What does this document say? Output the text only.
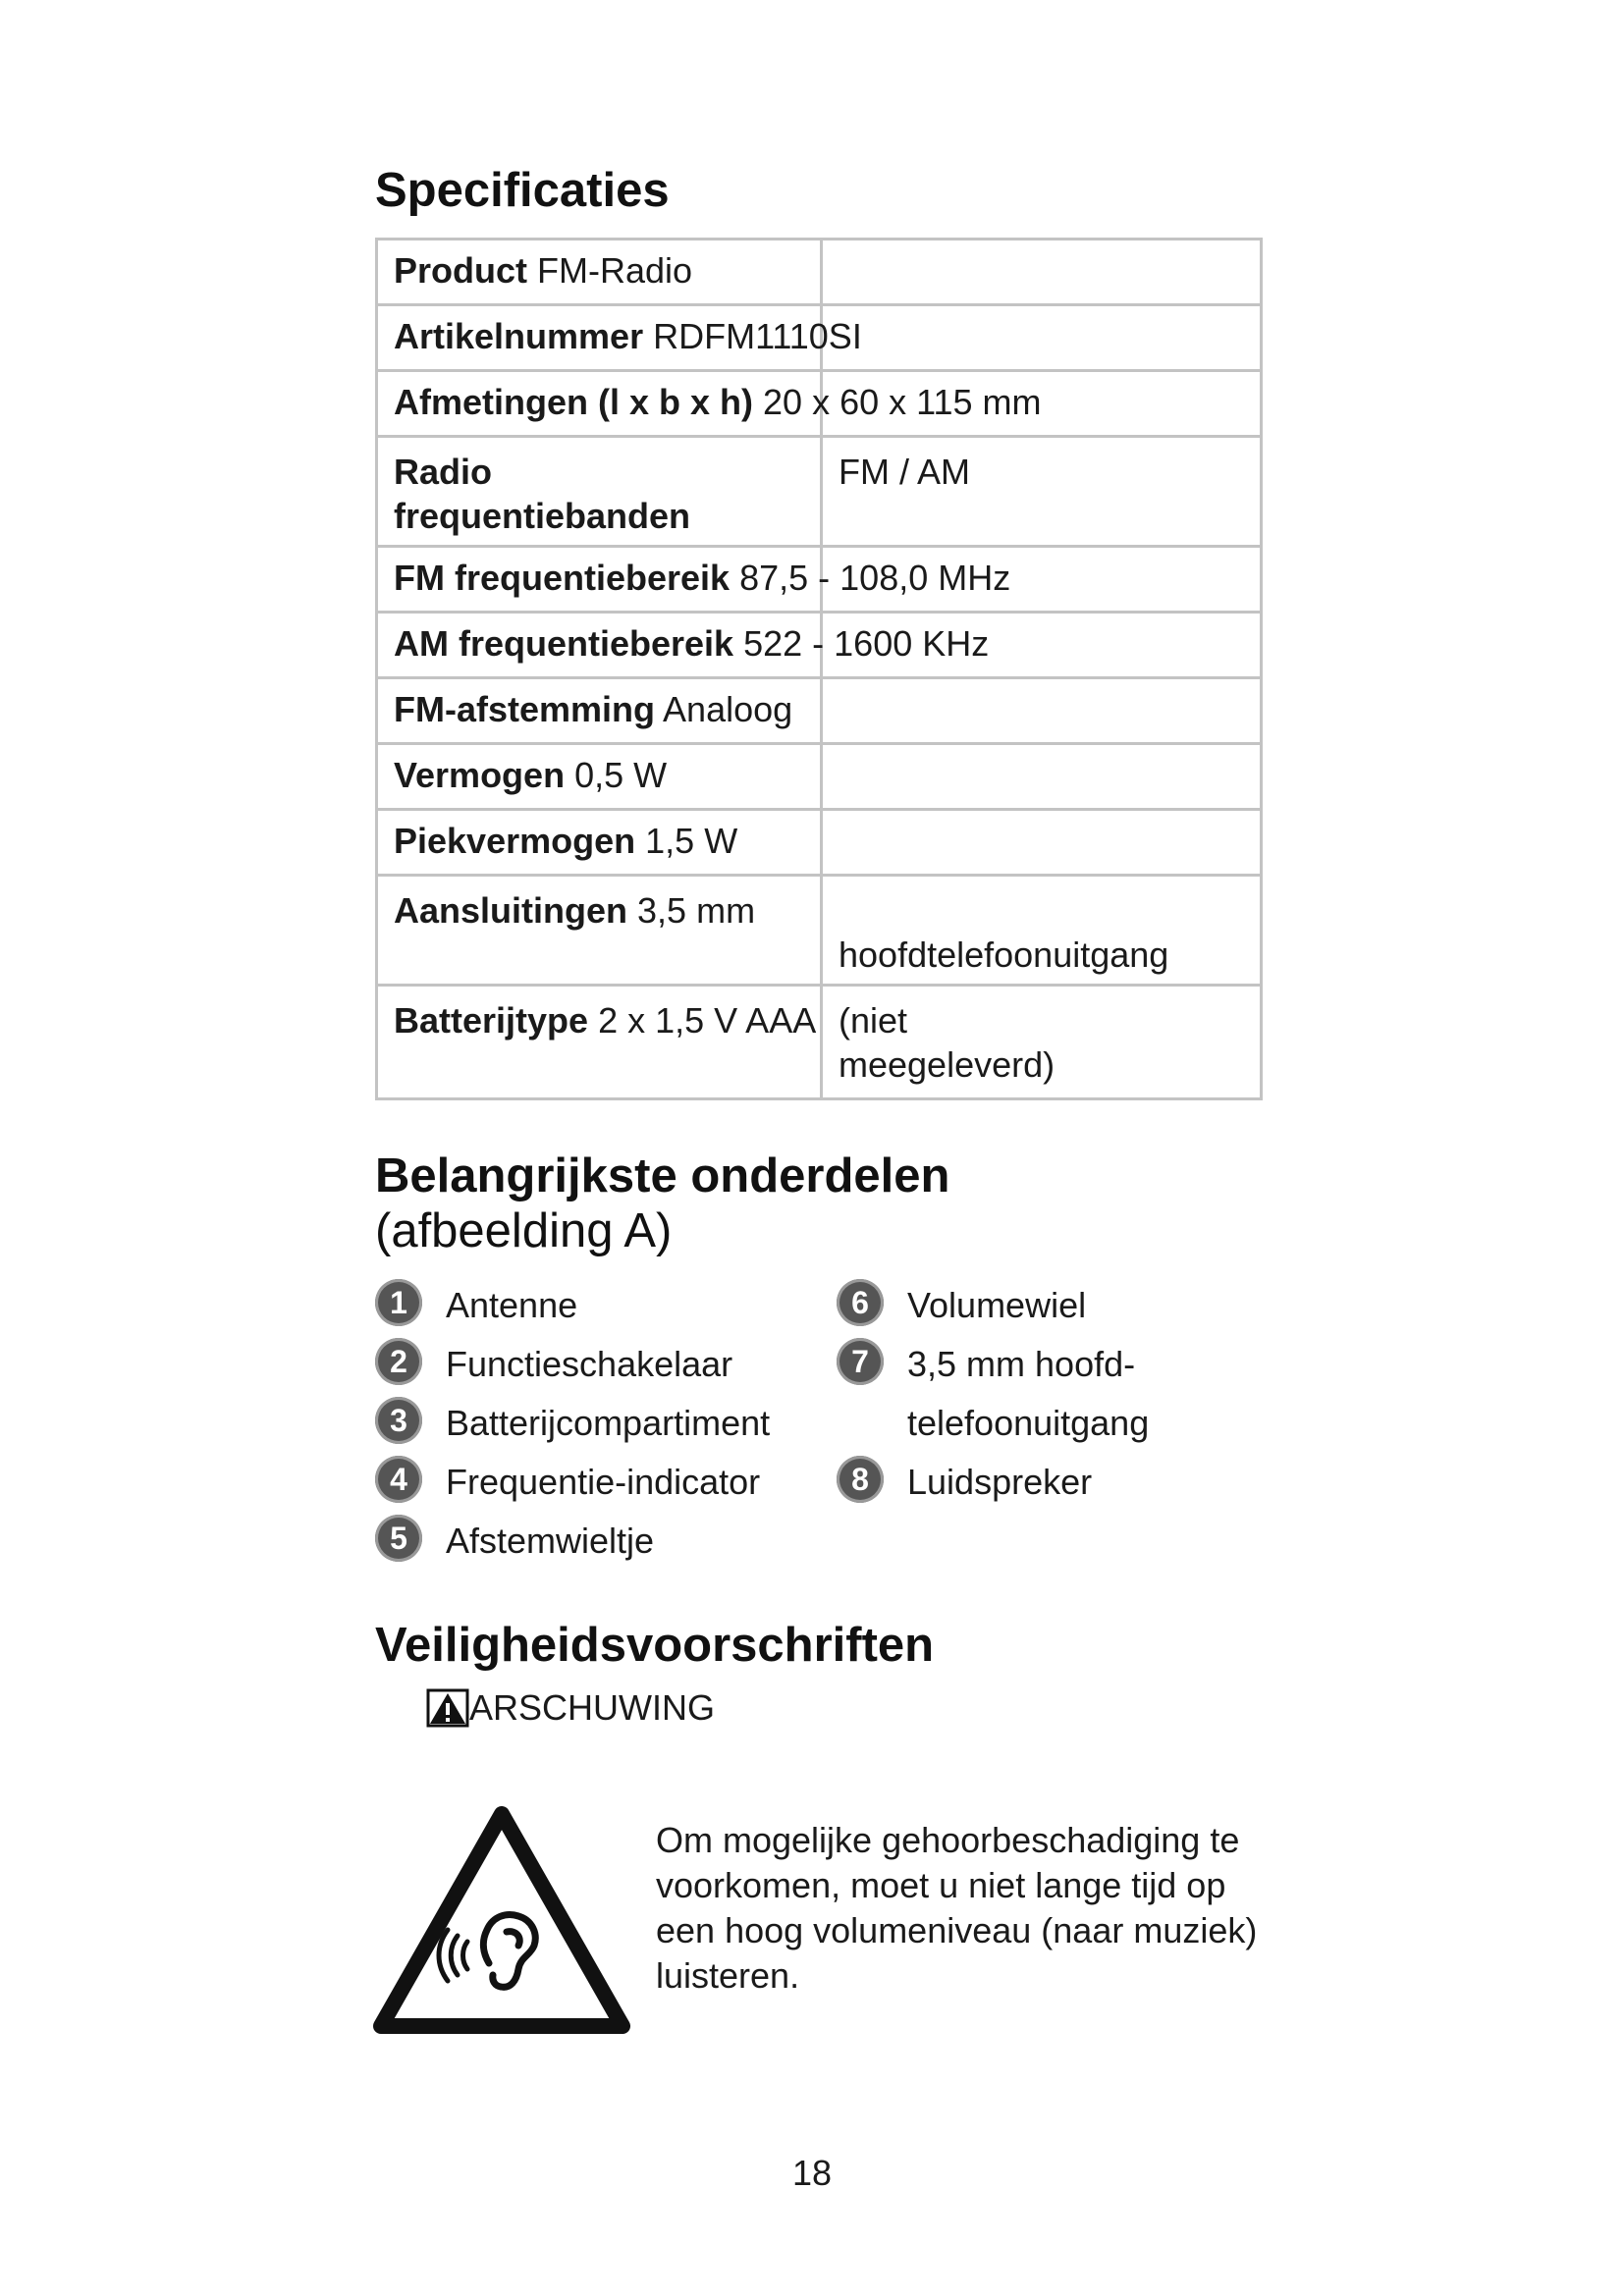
Specificaties
Product FM-Radio	
Artikelnummer RDFM1110SI	
Afmetingen (l x b x h) 20 x 60 x 115 mm	

Radio frequentiebanden	FM / AM
FM frequentiebereik 87,5 - 108,0 MHz	
AM frequentiebereik 522 - 1600 KHz	
FM-afstemming Analoog	
Vermogen 0,5 W	
Piekvermogen 1,5 W	
Aansluitingen 3,5 mm	hoofdtelefoonuitgang
Batterijtype 2 x 1,5 V AAA	(niet meegeleverd)
Belangrijkste onderdelen
(afbeelding A)
1	Antenne
2	Functieschakelaar
3	Batterijcompartiment
4	Frequentie-indicator
5	Afstemwieltje
6	Volumewiel
7	3,5 mm hoofd-
telefoonuitgang
8	Luidspreker
Veiligheidsvoorschriften
ARSCHUWING
Om mogelijke gehoorbeschadiging te voorkomen, moet u niet lange tijd op een hoog volumeniveau (naar muziek) luisteren.
18
